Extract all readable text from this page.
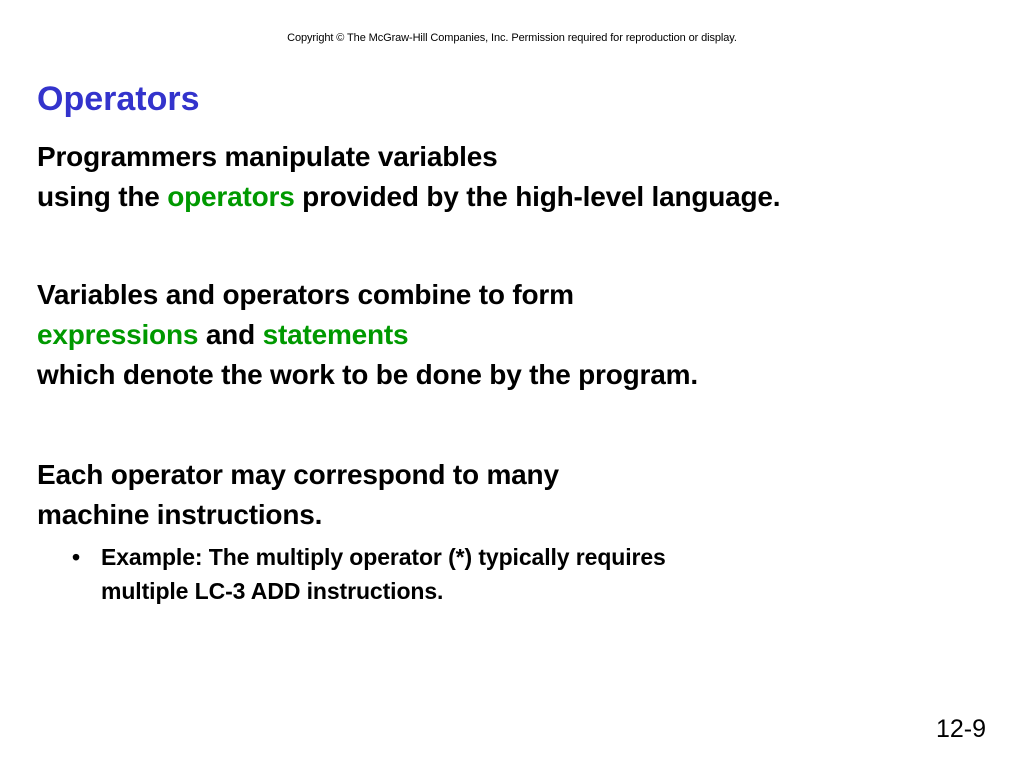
Copyright © The McGraw-Hill Companies, Inc. Permission required for reproduction or display.
Operators

Programmers manipulate variables
using the operators provided by the high-level language.

Variables and operators combine to form
expressions and statements
which denote the work to be done by the program.

Each operator may correspond to many
machine instructions.

• Example: The multiply operator (*) typically requires
multiple LC-3 ADD instructions.
12-9
